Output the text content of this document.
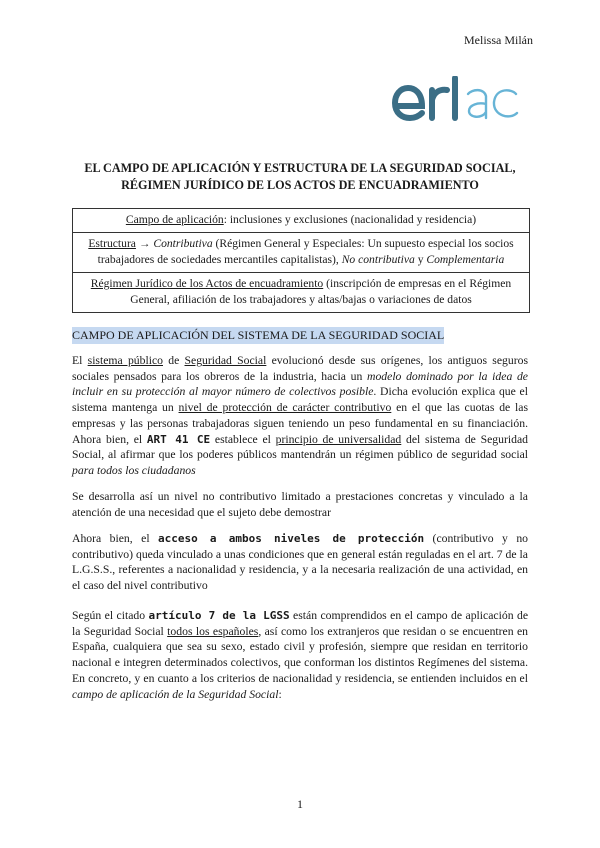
Melissa Milán
EL CAMPO DE APLICACIÓN Y ESTRUCTURA DE LA SEGURIDAD SOCIAL,
RÉGIMEN JURÍDICO DE LOS ACTOS DE ENCUADRAMIENTO
Campo de aplicación: inclusiones y exclusiones (nacionalidad y residencia)
Estructura → Contributiva (Régimen General y Especiales: Un supuesto especial los socios trabajadores de sociedades mercantiles capitalistas), No contributiva y Complementaria
Régimen Jurídico de los Actos de encuadramiento (inscripción de empresas en el Régimen General, afiliación de los trabajadores y altas/bajas o variaciones de datos
CAMPO DE APLICACIÓN DEL SISTEMA DE LA SEGURIDAD SOCIAL
El sistema público de Seguridad Social evolucionó desde sus orígenes, los antiguos seguros sociales pensados para los obreros de la industria, hacia un modelo dominado por la idea de incluir en su protección al mayor número de colectivos posible. Dicha evolución explica que el sistema mantenga un nivel de protección de carácter contributivo en el que las cuotas de las empresas y las personas trabajadoras siguen teniendo un peso fundamental en su financiación. Ahora bien, el ART 41 CE establece el principio de universalidad del sistema de Seguridad Social, al afirmar que los poderes públicos mantendrán un régimen público de seguridad social para todos los ciudadanos
Se desarrolla así un nivel no contributivo limitado a prestaciones concretas y vinculado a la atención de una necesidad que el sujeto debe demostrar
Ahora bien, el acceso a ambos niveles de protección (contributivo y no contributivo) queda vinculado a unas condiciones que en general están reguladas en el art. 7 de la L.G.S.S., referentes a nacionalidad y residencia, y a la necesaria realización de una actividad, en el caso del nivel contributivo
Según el citado artículo 7 de la LGSS están comprendidos en el campo de aplicación de la Seguridad Social todos los españoles, así como los extranjeros que residan o se encuentren en España, cualquiera que sea su sexo, estado civil y profesión, siempre que residan en territorio nacional e integren determinados colectivos, que conforman los distintos Regímenes del sistema. En concreto, y en cuanto a los criterios de nacionalidad y residencia, se entienden incluidos en el campo de aplicación de la Seguridad Social:
1
